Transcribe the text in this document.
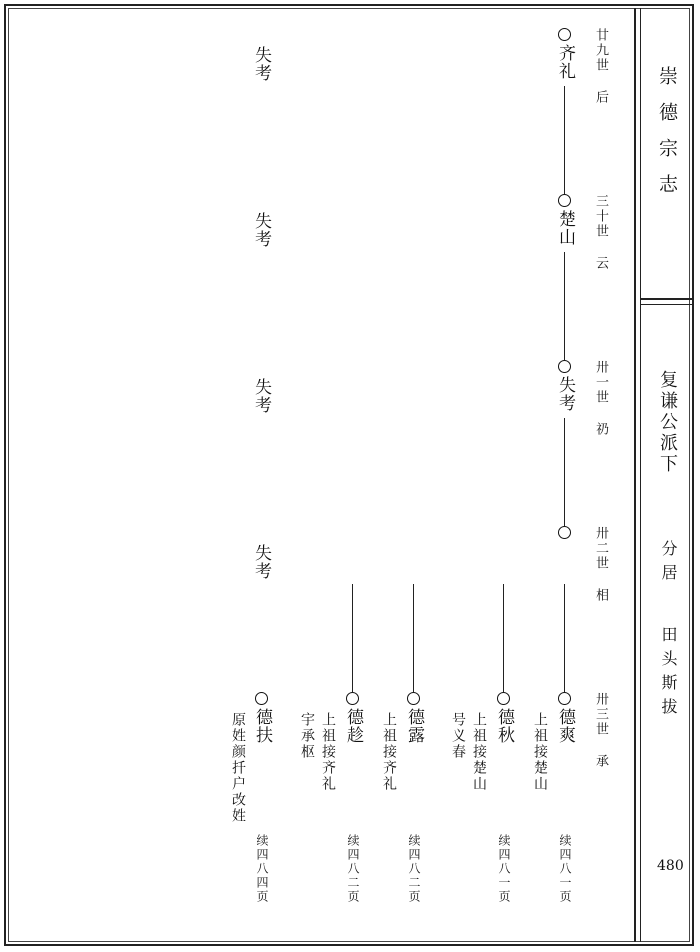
崇德宗志
复谦公派下
分居
田头斯拔
480
廿九世
后
三十世
云
卅一世
礽
卅二世
相
卅三世
承
齐礼
楚山
失考
德爽
上祖接楚山
续四八一页
德秋
上祖接楚山
号义春
续四八一页
德露
上祖接齐礼
续四八二页
德趁
上祖接齐礼
宇承枢
续四八二页
德扶
原姓颜扦户改姓
续四八四页
失考
失考
失考
失考
